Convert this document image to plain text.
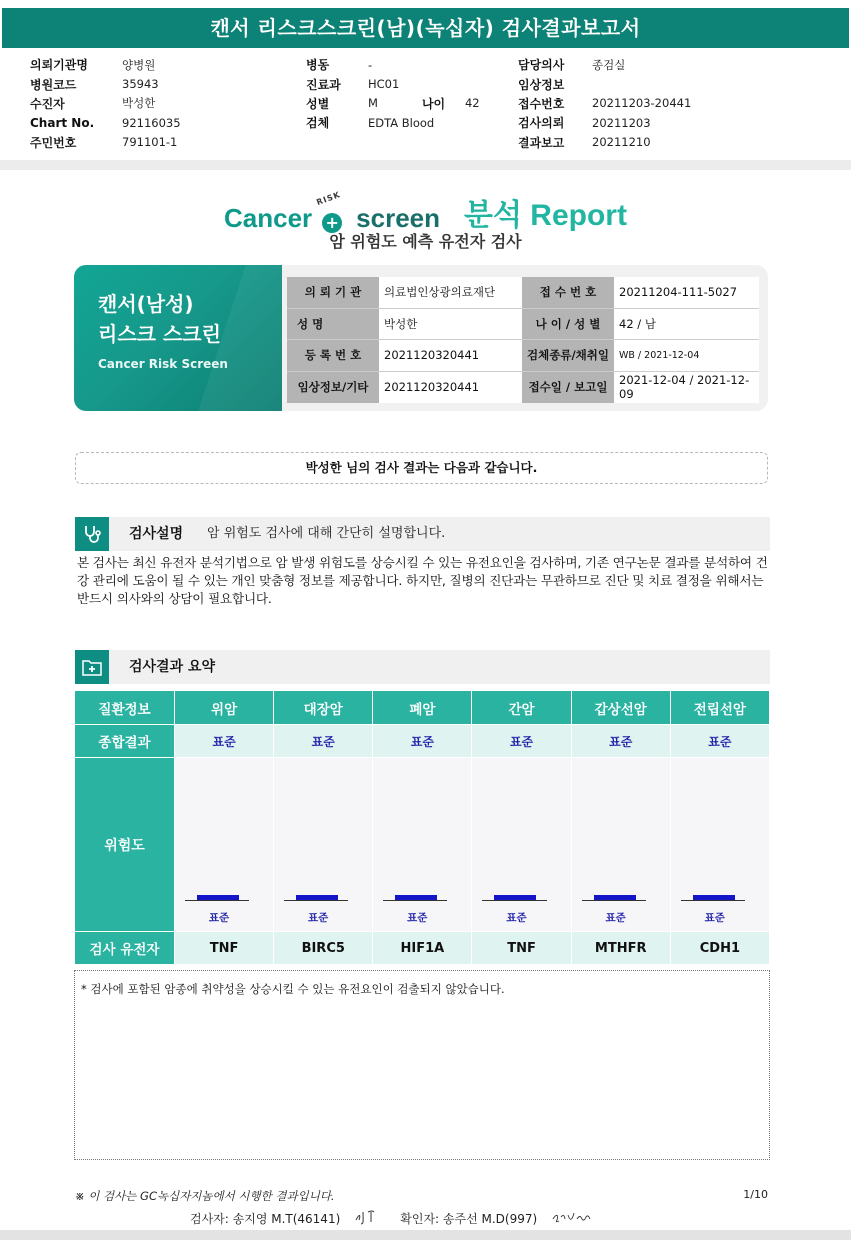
캔서 리스크스크린(남)(녹십자) 검사결과보고서
의뢰기관명	양병원
병원코드	35943
수진자	박성한
Chart No.	92116035
주민번호	791101-1
병동	-
진료과	HC01
성별	M	나이	42
검체	EDTA Blood
담당의사	종검실
임상정보
접수번호	20211203-20441
검사의뢰	20211203
결과보고	20211210
Cancer
RISK
+ screen 분석 Report
암 위험도 예측 유전자 검사
캔서(남성)
리스크 스크린
Cancer Risk Screen
의 뢰 기 관	의료법인상광의료재단	접 수 번 호	20211204-111-5027
성 명	박성한	나 이 / 성 별	42 / 남
등 록 번 호	2021120320441	검체종류/채취일	WB / 2021-12-04
임상정보/기타	2021120320441	접수일 / 보고일	2021-12-04 / 2021-12-09
박성한 님의 검사 결과는 다음과 같습니다.
검사설명 암 위험도 검사에 대해 간단히 설명합니다.
본 검사는 최신 유전자 분석기법으로 암 발생 위험도를 상승시킬 수 있는 유전요인을 검사하며, 기존 연구논문 결과를 분석하여 건강 관리에 도움이 될 수 있는 개인 맞춤형 정보를 제공합니다. 하지만, 질병의 진단과는 무관하므로 진단 및 치료 결정을 위해서는 반드시 의사와의 상담이 필요합니다.
검사결과 요약
질환정보	위암	대장암	폐암	간암	갑상선암	전립선암
종합결과	표준	표준	표준	표준	표준	표준
위험도	표준	표준	표준	표준	표준	표준

검사 유전자	TNF	BIRC5	HIF1A	TNF	MTHFR	CDH1
* 검사에 포함된 암종에 취약성을 상승시킬 수 있는 유전요인이 검출되지 않았습니다.
※ 이 검사는 GC녹십자지놈에서 시행한 결과입니다.	1/10
검사자: 송지영 M.T(46141)	확인자: 송주선 M.D(997)
